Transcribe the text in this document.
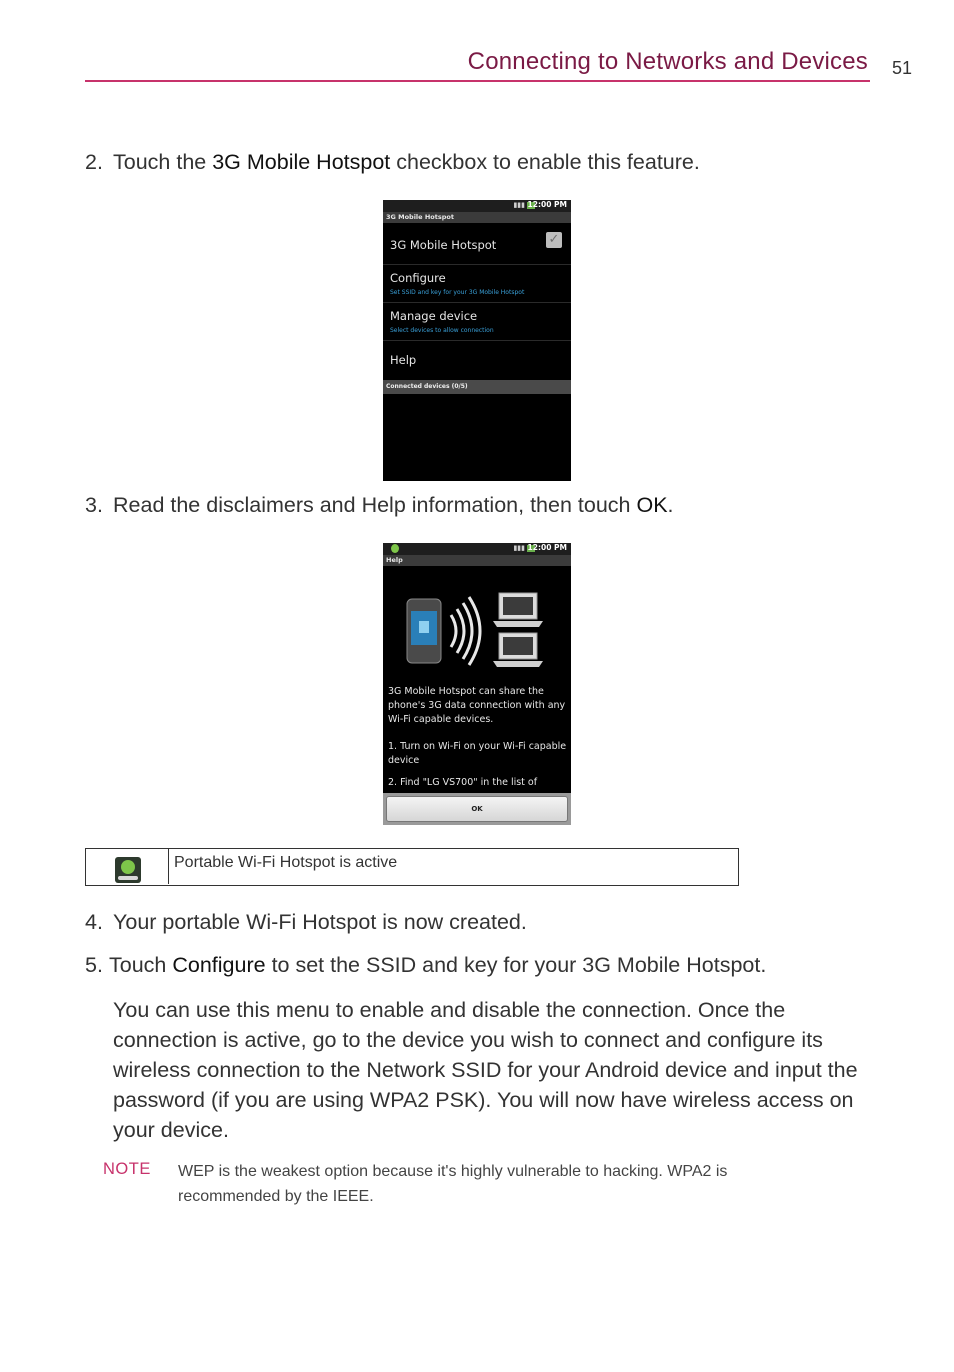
Connecting to Networks and Devices 51
2. Touch the 3G Mobile Hotspot checkbox to enable this feature.
▮▮▮ 12:00 PM
3G Mobile Hotspot
3G Mobile Hotspot	✓
Configure
Set SSID and key for your 3G Mobile Hotspot
Manage device
Select devices to allow connection
Help
Connected devices (0/5)
3. Read the disclaimers and Help information, then touch OK.
▮▮▮ 12:00 PM
Help
3G Mobile Hotspot can share the phone's 3G data connection with any Wi-Fi capable devices.
1. Turn on Wi-Fi on your Wi-Fi capable device
2. Find "LG VS700" in the list of
OK
Portable Wi-Fi Hotspot is active
4. Your portable Wi-Fi Hotspot is now created.
5. Touch Configure to set the SSID and key for your 3G Mobile Hotspot.
You can use this menu to enable and disable the connection. Once the connection is active, go to the device you wish to connect and configure its wireless connection to the Network SSID for your Android device and input the password (if you are using WPA2 PSK). You will now have wireless access on your device.
NOTE WEP is the weakest option because it's highly vulnerable to hacking. WPA2 is recommended by the IEEE.
